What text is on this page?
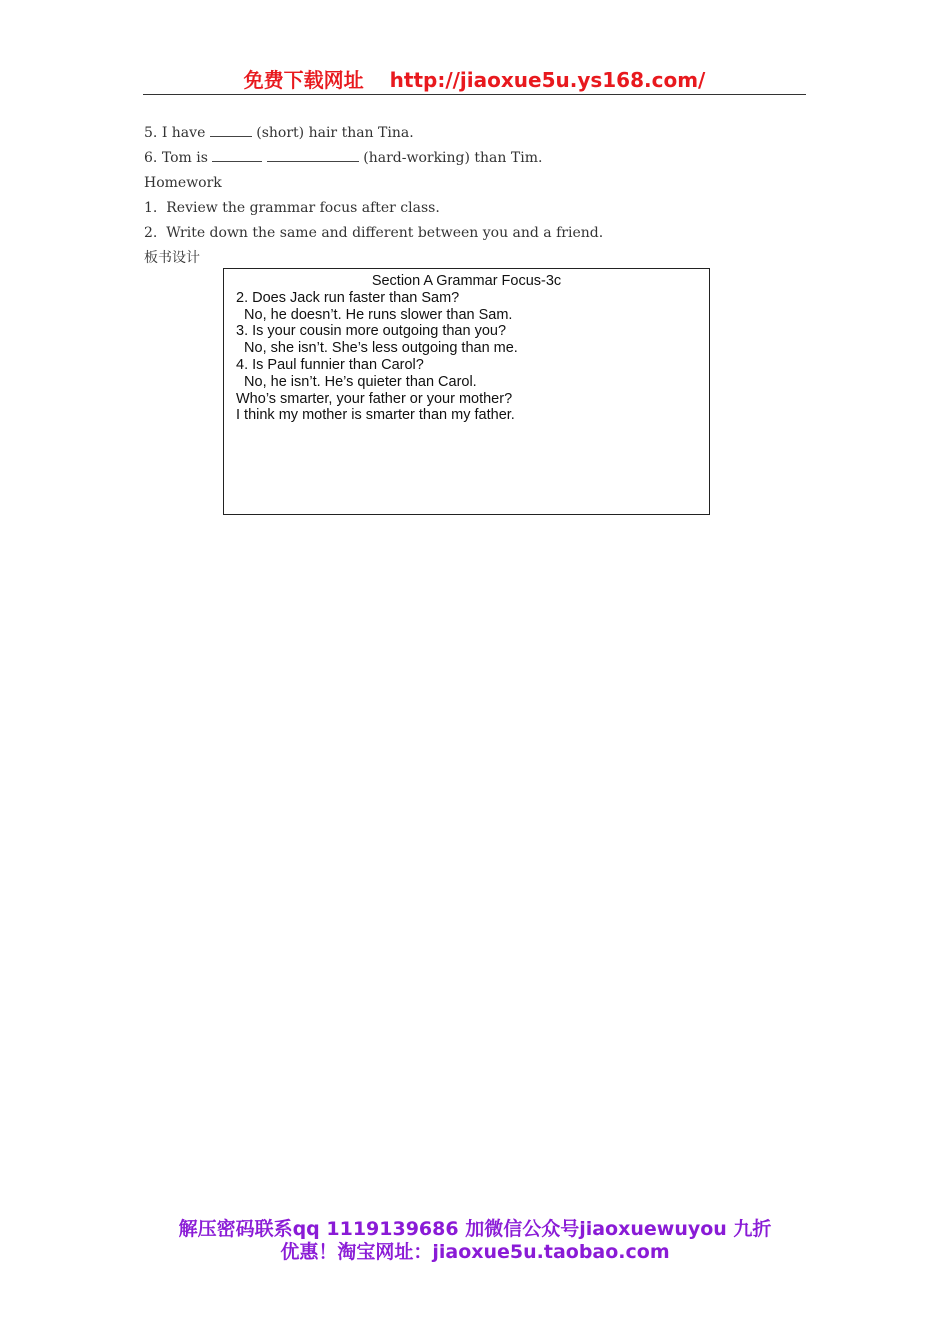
免费下载网址 http://jiaoxue5u.ys168.com/
5. I have	(short) hair than Tina.
6. Tom is	(hard-working) than Tim.
Homework
1. Review the grammar focus after class.
2. Write down the same and different between you and a friend.
板书设计
Section A Grammar Focus-3c
2. Does Jack run faster than Sam?
No, he doesn’t. He runs slower than Sam.
3. Is your cousin more outgoing than you?
No, she isn’t. She’s less outgoing than me.
4. Is Paul funnier than Carol?
No, he isn’t. He’s quieter than Carol.
Who’s smarter, your father or your mother?
I think my mother is smarter than my father.
解压密码联系qq 1119139686 加微信公众号jiaoxuewuyou 九折
优惠！淘宝网址：jiaoxue5u.taobao.com
